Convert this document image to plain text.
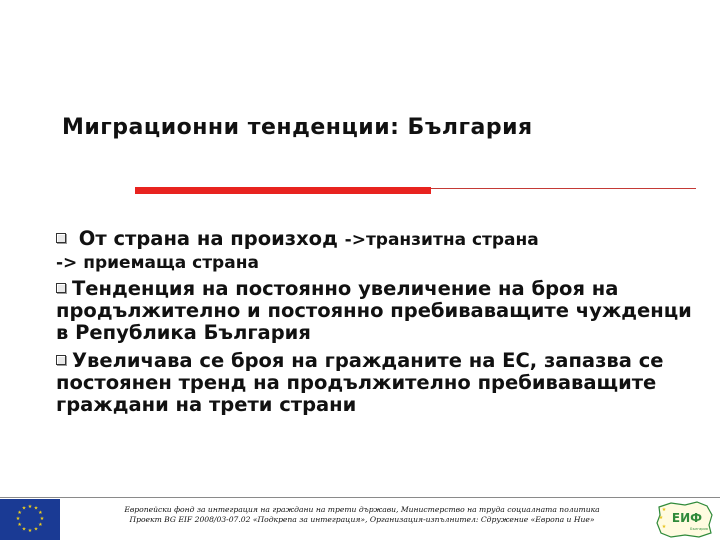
Миграционни тенденции: България

От страна на произход ->транзитна страна
-> приемаща страна

Тенденция на постоянно увеличение на броя на продължително и постоянно пребиваващите чужденци в Република България

Увеличава се броя на гражданите на ЕС, запазва се постоянен тренд на продължително пребиваващите граждани на трети страни

★ ★
★
★
★
★
★
★
★
★
★
★	Европейски фонд за интеграция на граждани на трети държави, Министерство на труда социалната политика
Проект BG EIF 2008/03-07.02 «Подкрепа за интеграция», Организация-изпълнител: Сдружение «Европа и Ние»	★
★
★
ЕИФ
България
